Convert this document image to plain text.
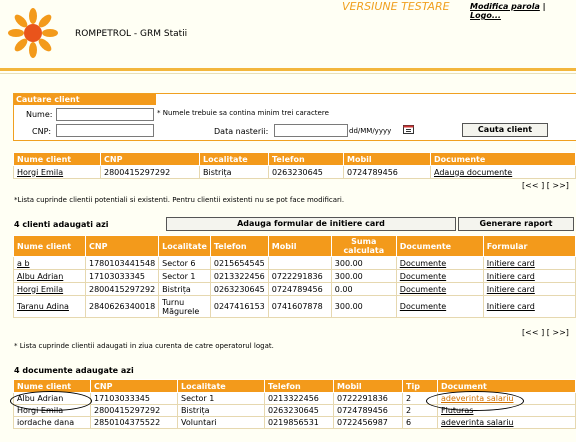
ROMPETROL - GRM Statii
VERSIUNE TESTARE	Modifica parola | Logo...
Cautare client
Nume:	* Numele trebuie sa contina minim trei caractere
CNP:	Data nasterii:	dd/MM/yyyy	Cauta client
Nume client	CNP	Localitate	Telefon	Mobil	Documente
Horgi Emila	2800415297292	Bistrița	0263230645	0724789456	Adauga documente
[<< ] [ >>]
*Lista cuprinde clientii potentiali si existenti. Pentru clientii existenti nu se pot face modificari.
4 clienti adaugati azi	Adauga formular de initiere card	Generare raport
Nume client	CNP	Localitate	Telefon	Mobil	Suma calculata	Documente	Formular
a b	1780103441548	Sector 6	0215654545		300.00	Documente	Initiere card
Albu Adrian	17103033345	Sector 1	0213322456	0722291836	300.00	Documente	Initiere card
Horgi Emila	2800415297292	Bistrița	0263230645	0724789456	0.00	Documente	Initiere card
Taranu Adina	2840626340018	Turnu Măgurele	0247416153	0741607878	300.00	Documente	Initiere card
[<< ] [ >>]
* Lista cuprinde clientii adaugati in ziua curenta de catre operatorul logat.
4 documente adaugate azi
Nume client	CNP	Localitate	Telefon	Mobil	Tip	Document
Albu Adrian	17103033345	Sector 1	0213322456	0722291836	2	adeverinta salariu
Horgi Emila	2800415297292	Bistrița	0263230645	0724789456	2	Fluturas
iordache dana	2850104375522	Voluntari	0219856531	0722456987	6	adeverinta salariu
